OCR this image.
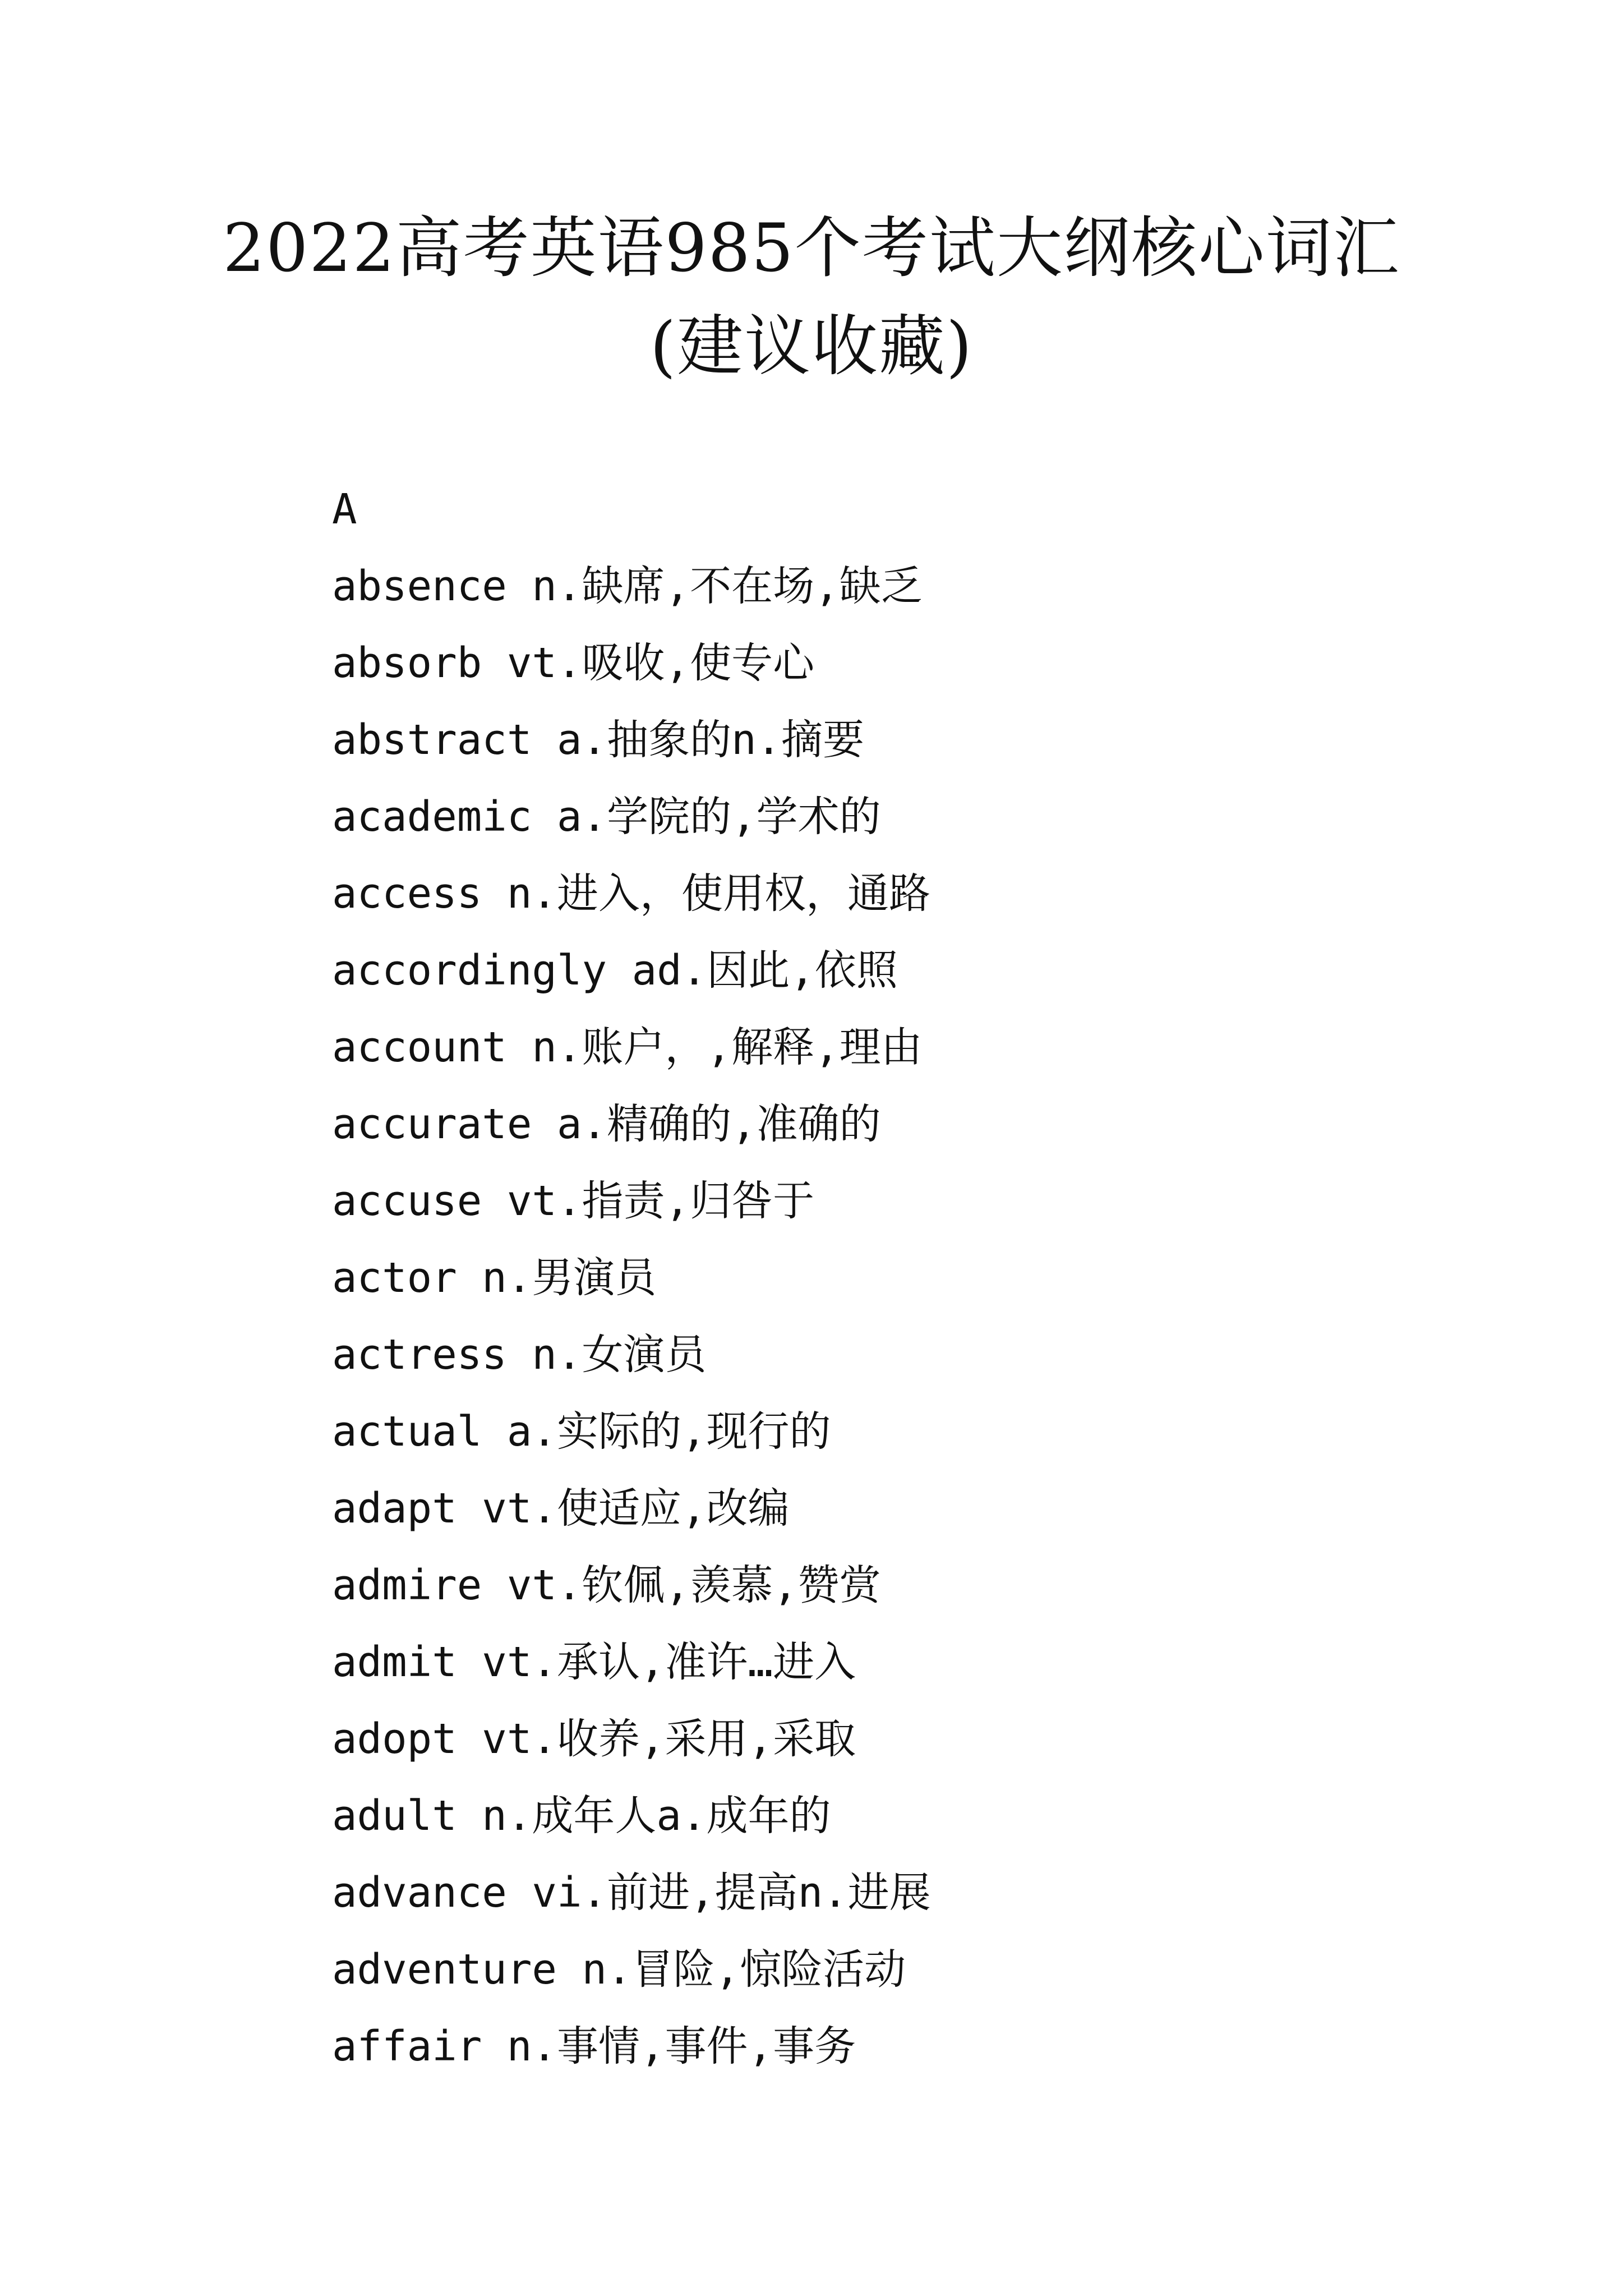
2022高考英语985个考试大纲核心词汇(建议收藏)
A
absence n.缺席,不在场,缺乏
absorb vt.吸收,使专心
abstract a.抽象的n.摘要
academic a.学院的,学术的
access n.进入，使用权，通路
accordingly ad.因此,依照
account n.账户，,解释,理由
accurate a.精确的,准确的
accuse vt.指责,归咎于
actor n.男演员
actress n.女演员
actual a.实际的,现行的
adapt vt.使适应,改编
admire vt.钦佩,羡慕,赞赏
admit vt.承认,准许…进入
adopt vt.收养,采用,采取
adult n.成年人a.成年的
advance vi.前进,提高n.进展
adventure n.冒险,惊险活动
affair n.事情,事件,事务
